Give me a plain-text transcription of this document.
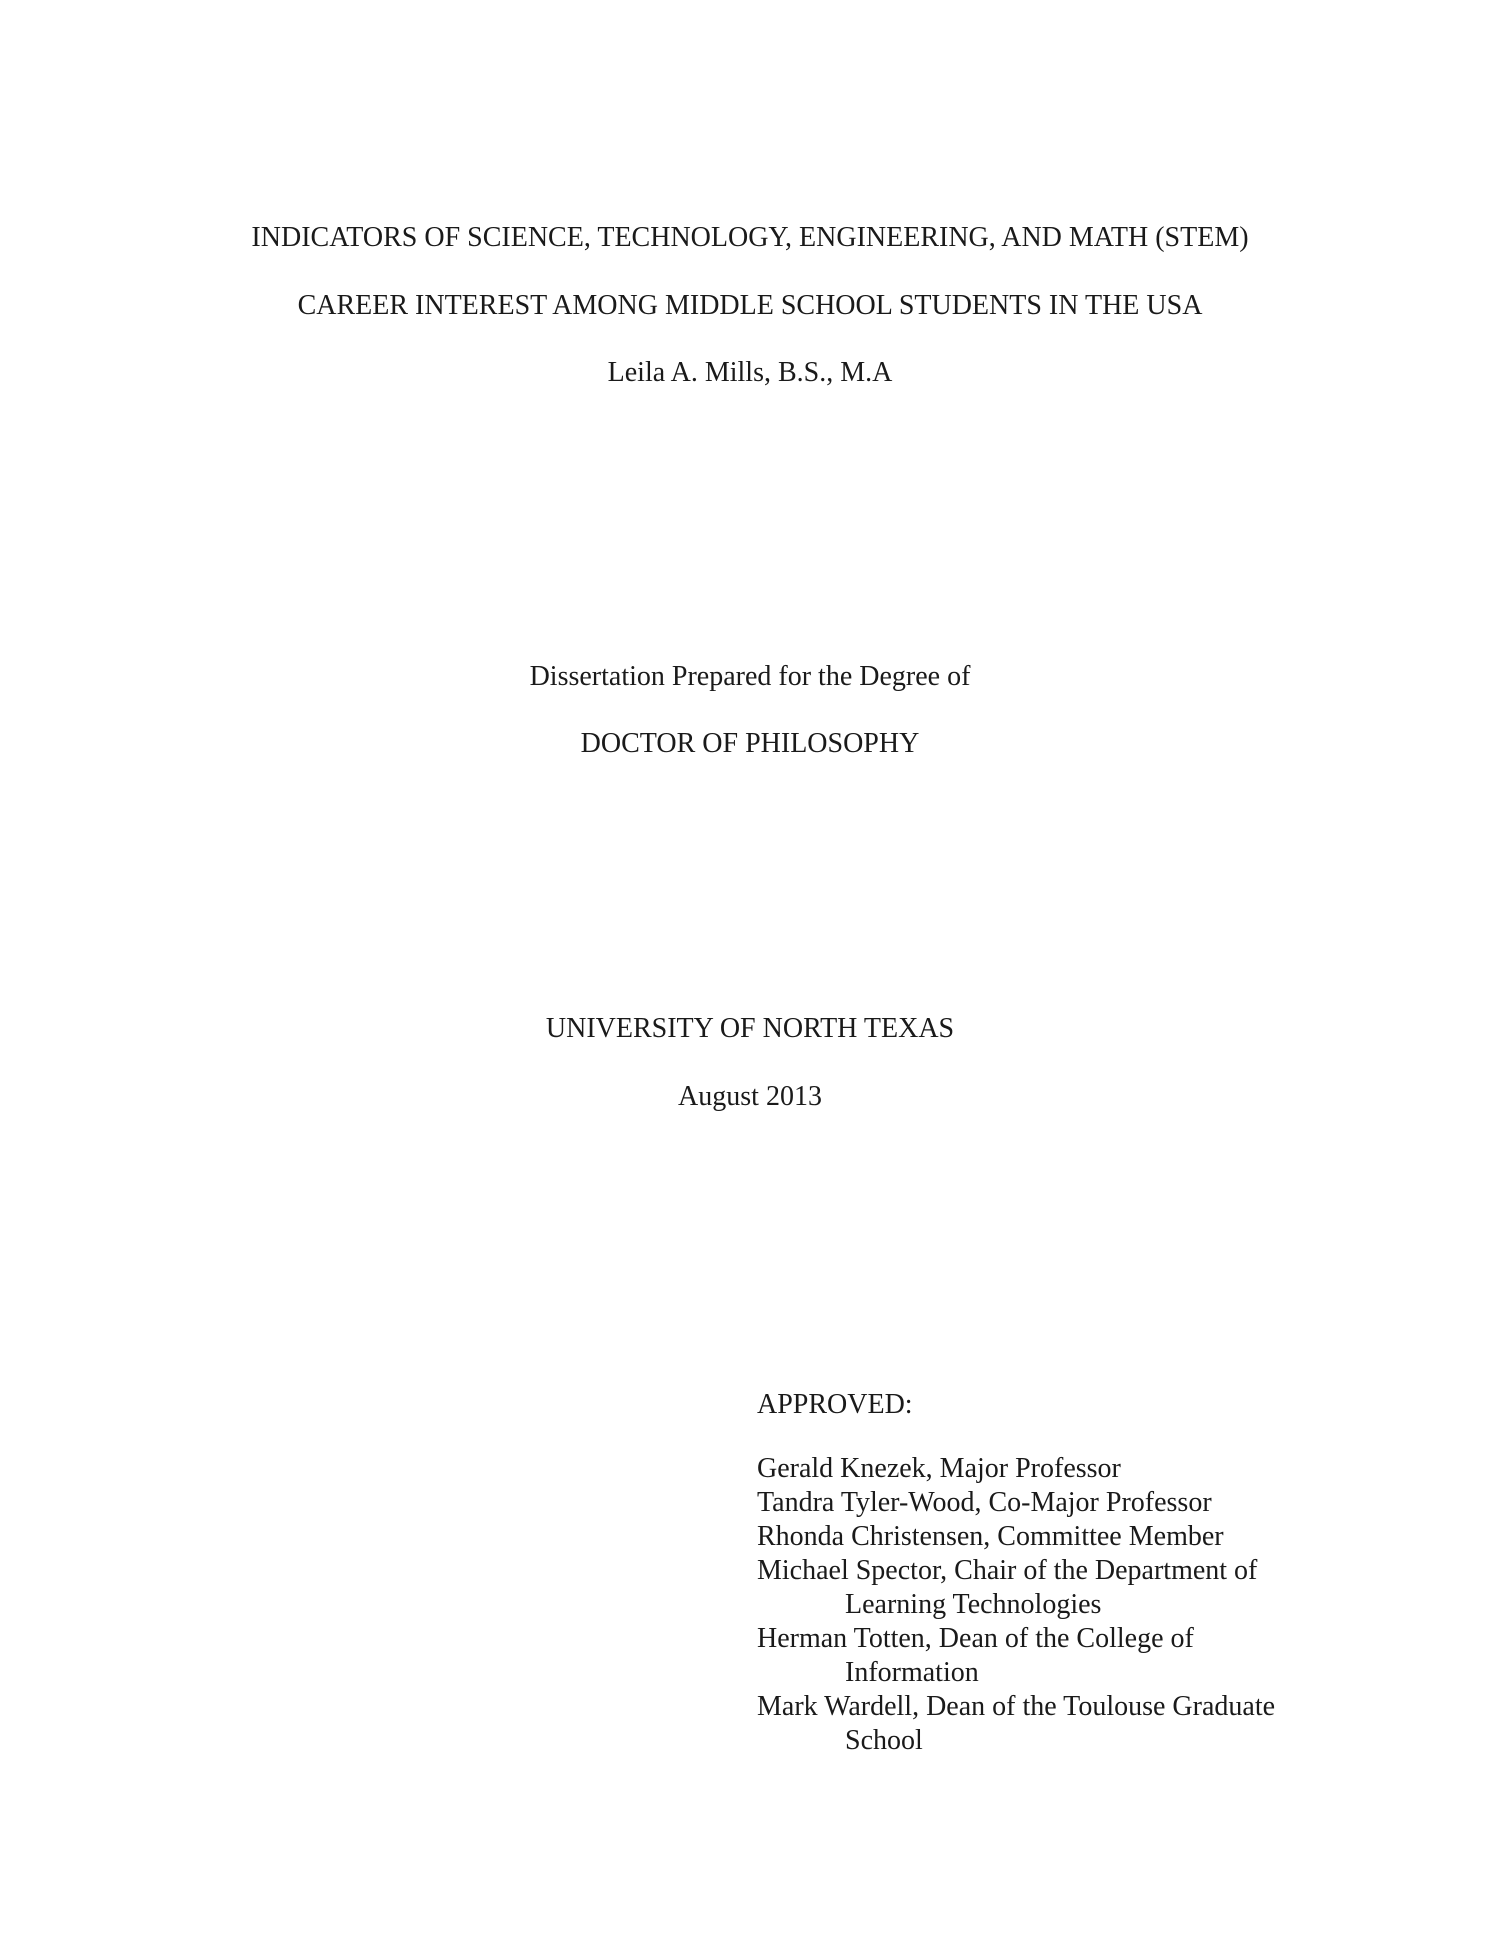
INDICATORS OF SCIENCE, TECHNOLOGY, ENGINEERING, AND MATH (STEM)
CAREER INTEREST AMONG MIDDLE SCHOOL STUDENTS IN THE USA
Leila A. Mills, B.S., M.A
Dissertation Prepared for the Degree of
DOCTOR OF PHILOSOPHY
UNIVERSITY OF NORTH TEXAS
August 2013
APPROVED:
Gerald Knezek, Major Professor
Tandra Tyler-Wood, Co-Major Professor
Rhonda Christensen, Committee Member
Michael Spector, Chair of the Department of
Learning Technologies
Herman Totten, Dean of the College of
Information
Mark Wardell, Dean of the Toulouse Graduate
School
